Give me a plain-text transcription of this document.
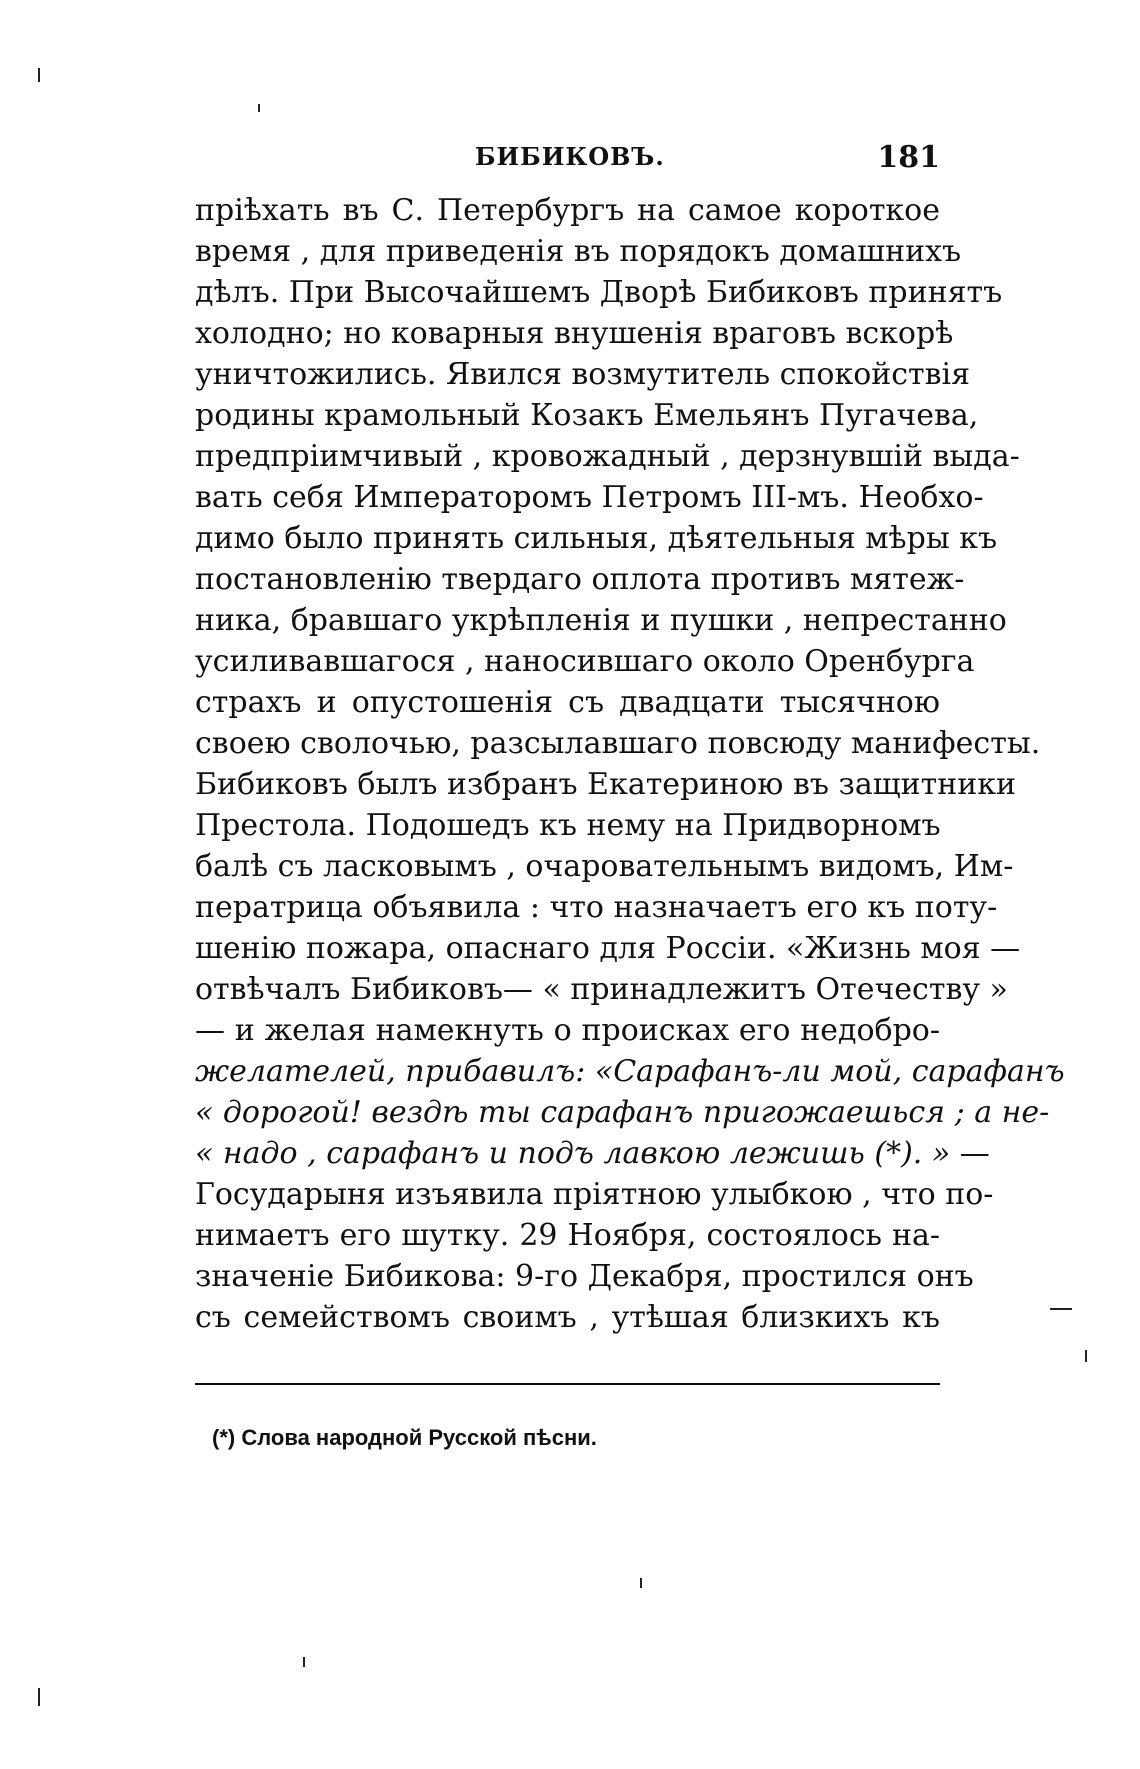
БИБИКОВЪ.	181
пріѣхать въ С. Петербургъ на самое короткое
время , для приведенія въ порядокъ домашнихъ
дѣлъ. При Высочайшемъ Дворѣ Бибиковъ принятъ
холодно; но коварныя внушенія враговъ вскорѣ
уничтожились. Явился возмутитель спокойствія
родины крамольный Козакъ Емельянъ Пугачева,
предпріимчивый , кровожадный , дерзнувшій выда-
вать себя Императоромъ Петромъ III-мъ. Необхо-
димо было принять сильныя, дѣятельныя мѣры къ
постановленію твердаго оплота противъ мятеж-
ника, бравшаго укрѣпленія и пушки , непрестанно
усиливавшагося , наносившаго около Оренбурга
страхъ и опустошенія съ двадцати тысячною
своею сволочью, разсылавшаго повсюду манифесты.
Бибиковъ былъ избранъ Екатериною въ защитники
Престола. Подошедъ къ нему на Придворномъ
балѣ съ ласковымъ , очаровательнымъ видомъ, Им-
ператрица объявила : что назначаетъ его къ поту-
шенію пожара, опаснаго для Россіи. «Жизнь моя —
отвѣчалъ Бибиковъ— « принадлежитъ Отечеству »
— и желая намекнуть о происках его недобро-
желателей, прибавилъ: «Сарафанъ-ли мой, сарафанъ
« дорогой! вездѣ ты сарафанъ пригожаешься ; а не-
« надо , сарафанъ и подъ лавкою лежишь (*). » —
Государыня изъявила пріятною улыбкою , что по-
нимаетъ его шутку. 29 Ноября, состоялось на-
значеніе Бибикова: 9-го Декабря, простился онъ
съ семействомъ своимъ , утѣшая близкихъ къ
(*) Слова народной Русской пѣсни.
